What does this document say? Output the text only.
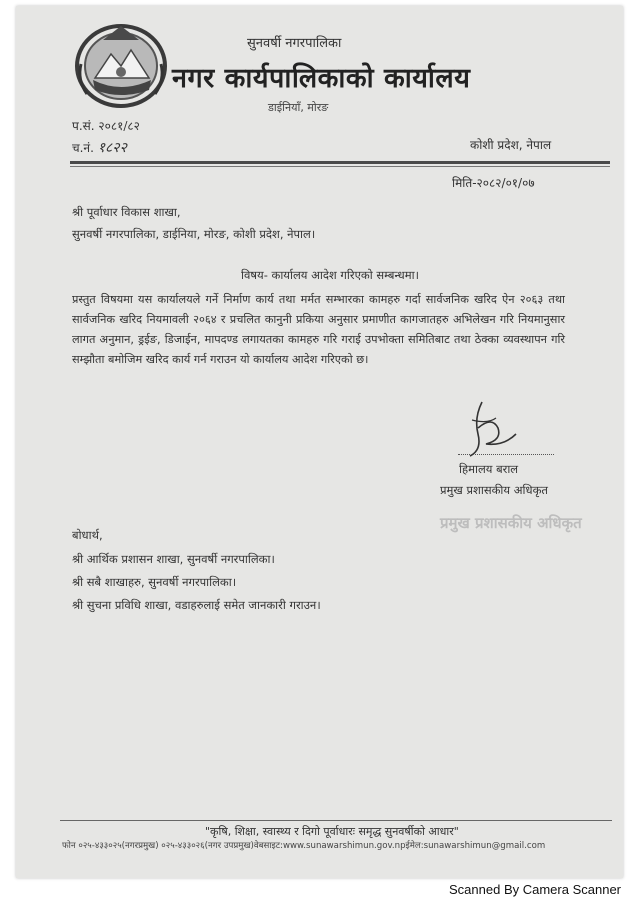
सुनवर्षी नगरपालिका
नगर कार्यपालिकाको कार्यालय
डाईनियाँ, मोरङ
प.सं. २०८१/८२
च.नं. १८२२	कोशी प्रदेश, नेपाल
मिति-२०८२/०१/०७
श्री पूर्वाधार विकास शाखा,
सुनवर्षी नगरपालिका, डाईनिया, मोरङ, कोशी प्रदेश, नेपाल।
विषय- कार्यालय आदेश गरिएको सम्बन्धमा।
प्रस्तुत विषयमा यस कार्यालयले गर्ने निर्माण कार्य तथा मर्मत सम्भारका कामहरु गर्दा सार्वजनिक खरिद ऐन २०६३ तथा सार्वजनिक खरिद नियमावली २०६४ र प्रचलित कानुनी प्रकिया अनुसार प्रमाणीत कागजातहरु अभिलेखन गरि नियमानुसार लागत अनुमान, ड्रईङ, डिजाईन, मापदण्ड लगायतका कामहरु गरि गराई उपभोक्ता समितिबाट तथा ठेक्का व्यवस्थापन गरि सम्झौता बमोजिम खरिद कार्य गर्न गराउन यो कार्यालय आदेश गरिएको छ।
हिमालय बराल
प्रमुख प्रशासकीय अधिकृत
प्रमुख प्रशासकीय अधिकृत
बोधार्थ,
श्री आर्थिक प्रशासन शाखा, सुनवर्षी नगरपालिका।
श्री सबै शाखाहरु, सुनवर्षी नगरपालिका।
श्री सुचना प्रविधि शाखा, वडाहरुलाई समेत जानकारी गराउन।
"कृषि, शिक्षा, स्वास्थ्य र दिगो पूर्वाधारः समृद्ध सुनवर्षीको आधार"
फोन ०२५-४३३०२५(नगरप्रमुख) ०२५-४३३०२६(नगर उपप्रमुख)वेबसाइट:www.sunawarshimun.gov.npईमेल:sunawarshimun@gmail.com
Scanned By Camera Scanner
